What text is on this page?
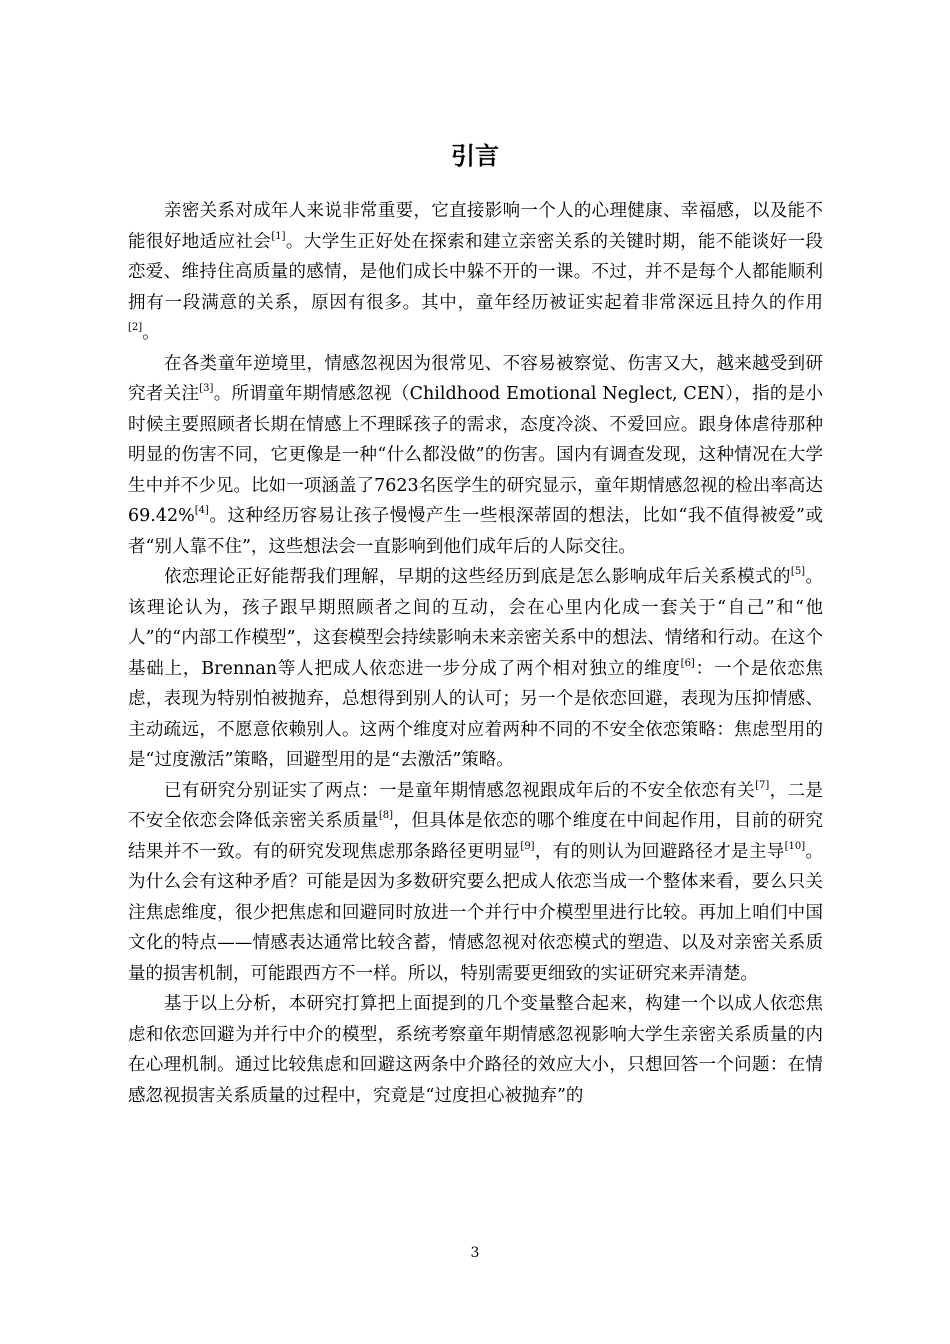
引言

亲密关系对成年人来说非常重要，它直接影响一个人的心理健康、幸福感，以及能不能很好地适应社会[1]。大学生正好处在探索和建立亲密关系的关键时期，能不能谈好一段恋爱、维持住高质量的感情，是他们成长中躲不开的一课。不过，并不是每个人都能顺利拥有一段满意的关系，原因有很多。其中，童年经历被证实起着非常深远且持久的作用[2]。

在各类童年逆境里，情感忽视因为很常见、不容易被察觉、伤害又大，越来越受到研究者关注[3]。所谓童年期情感忽视（Childhood Emotional Neglect, CEN），指的是小时候主要照顾者长期在情感上不理睬孩子的需求，态度冷淡、不爱回应。跟身体虐待那种明显的伤害不同，它更像是一种“什么都没做”的伤害。国内有调查发现，这种情况在大学生中并不少见。比如一项涵盖了7623名医学生的研究显示，童年期情感忽视的检出率高达69.42%[4]。这种经历容易让孩子慢慢产生一些根深蒂固的想法，比如“我不值得被爱”或者“别人靠不住”，这些想法会一直影响到他们成年后的人际交往。

依恋理论正好能帮我们理解，早期的这些经历到底是怎么影响成年后关系模式的[5]。该理论认为，孩子跟早期照顾者之间的互动，会在心里内化成一套关于“自己”和“他人”的“内部工作模型”，这套模型会持续影响未来亲密关系中的想法、情绪和行动。在这个基础上，Brennan等人把成人依恋进一步分成了两个相对独立的维度[6]：一个是依恋焦虑，表现为特别怕被抛弃，总想得到别人的认可；另一个是依恋回避，表现为压抑情感、主动疏远，不愿意依赖别人。这两个维度对应着两种不同的不安全依恋策略：焦虑型用的是“过度激活”策略，回避型用的是“去激活”策略。

已有研究分别证实了两点：一是童年期情感忽视跟成年后的不安全依恋有关[7]，二是不安全依恋会降低亲密关系质量[8]，但具体是依恋的哪个维度在中间起作用，目前的研究结果并不一致。有的研究发现焦虑那条路径更明显[9]，有的则认为回避路径才是主导[10]。为什么会有这种矛盾？可能是因为多数研究要么把成人依恋当成一个整体来看，要么只关注焦虑维度，很少把焦虑和回避同时放进一个并行中介模型里进行比较。再加上咱们中国文化的特点——情感表达通常比较含蓄，情感忽视对依恋模式的塑造、以及对亲密关系质量的损害机制，可能跟西方不一样。所以，特别需要更细致的实证研究来弄清楚。

基于以上分析，本研究打算把上面提到的几个变量整合起来，构建一个以成人依恋焦虑和依恋回避为并行中介的模型，系统考察童年期情感忽视影响大学生亲密关系质量的内在心理机制。通过比较焦虑和回避这两条中介路径的效应大小，只想回答一个问题：在情感忽视损害关系质量的过程中，究竟是“过度担心被抛弃”的

3
